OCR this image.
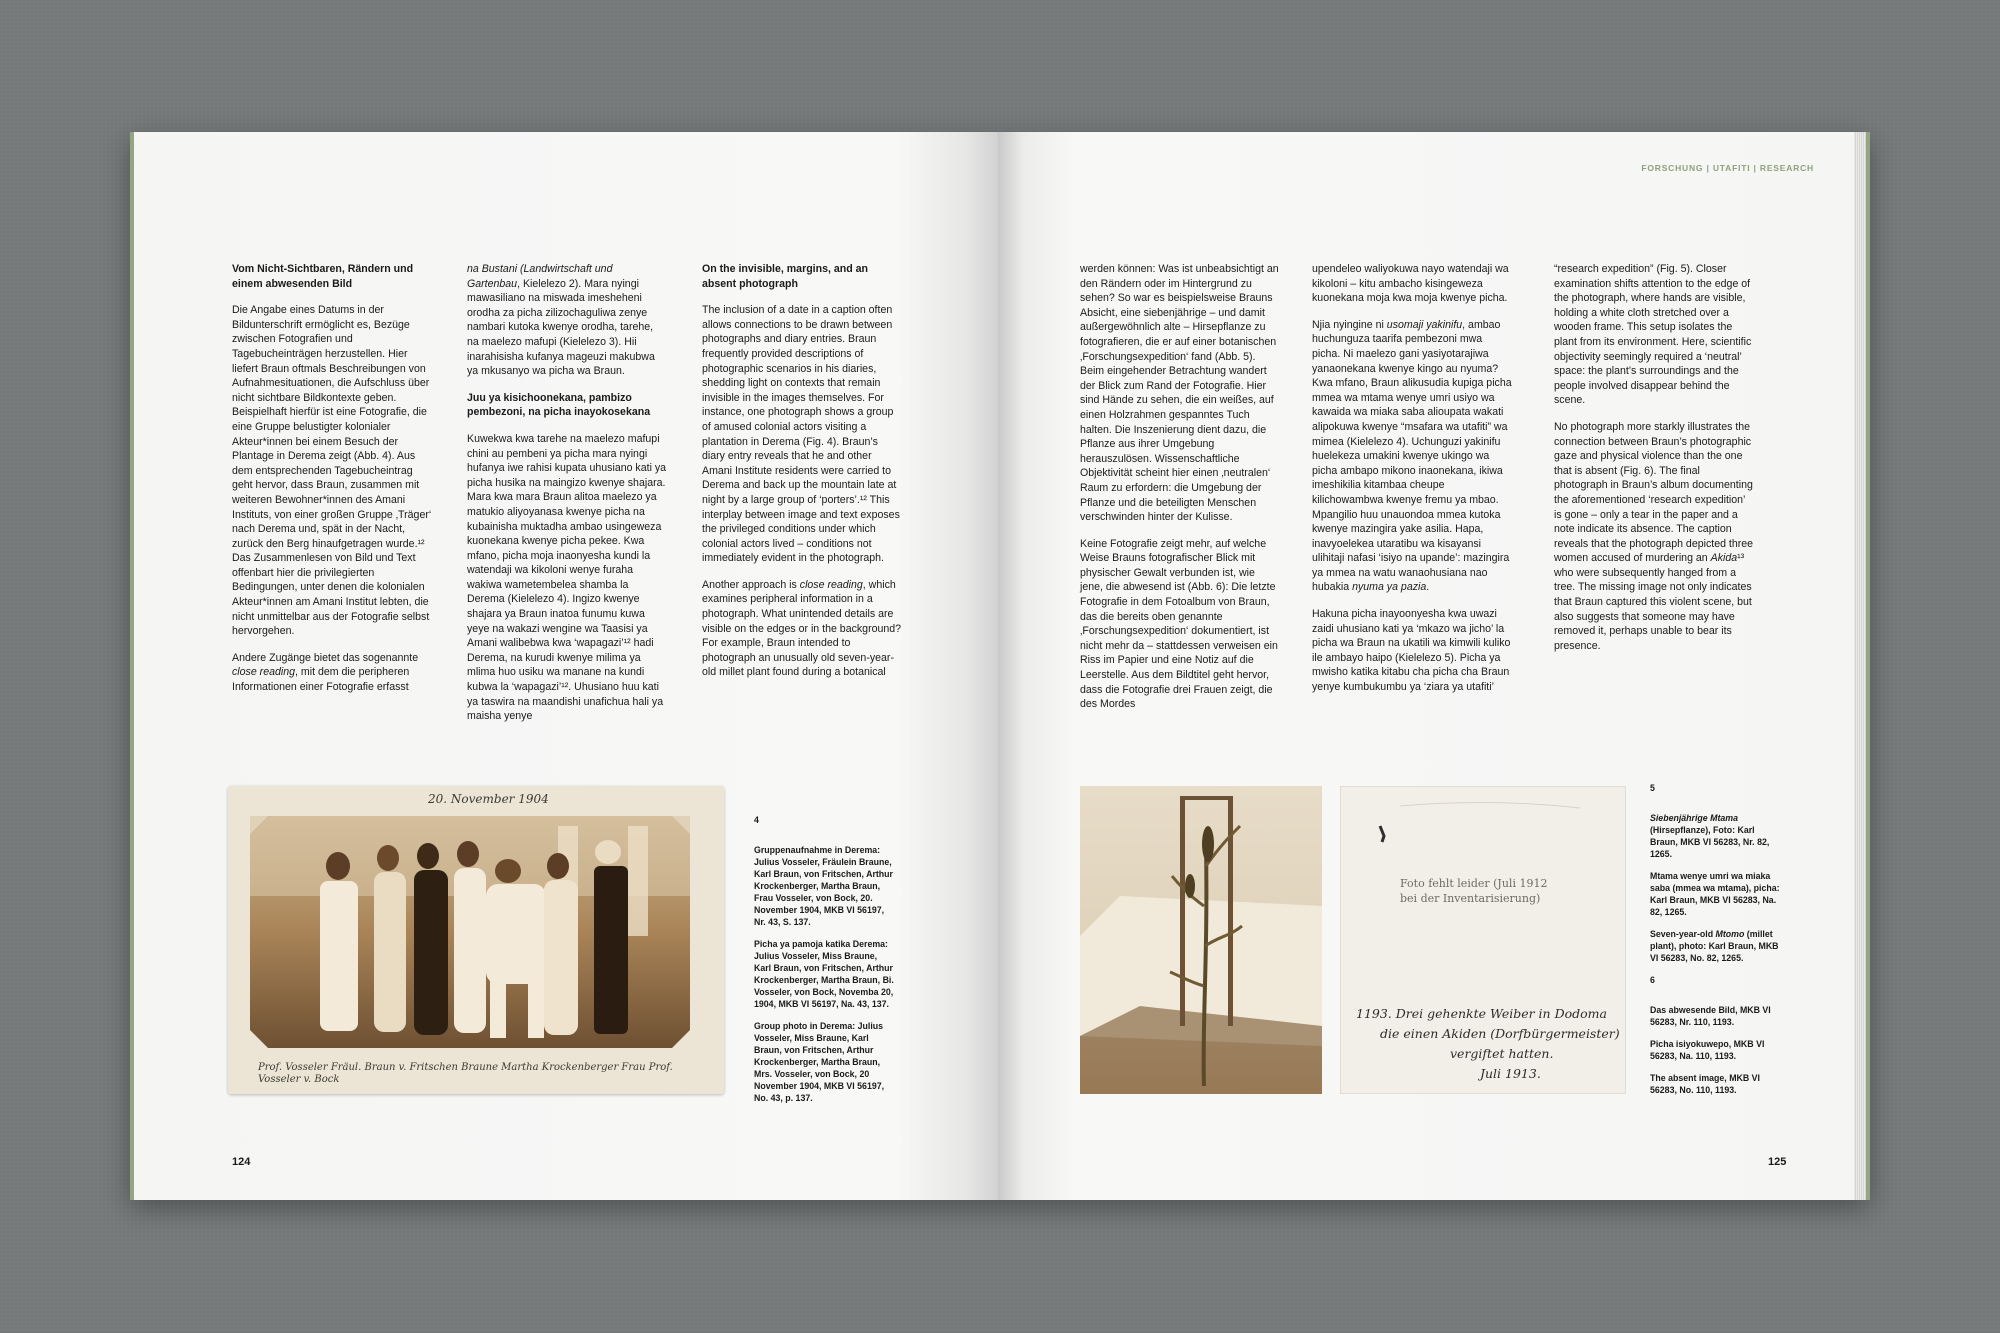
Vom Nicht-Sichtbaren, Rändern und einem abwesenden Bild

Die Angabe eines Datums in der Bildunterschrift ermöglicht es, Bezüge zwischen Fotografien und Tagebucheinträgen herzustellen. Hier liefert Braun oftmals Beschreibungen von Aufnahmesituationen, die Aufschluss über nicht sichtbare Bildkontexte geben. Beispielhaft hierfür ist eine Fotografie, die eine Gruppe belustigter kolonialer Akteur*innen bei einem Besuch der Plantage in Derema zeigt (Abb. 4). Aus dem entsprechenden Tagebucheintrag geht hervor, dass Braun, zusammen mit weiteren Bewohner*innen des Amani Instituts, von einer großen Gruppe ‚Träger‘ nach Derema und, spät in der Nacht, zurück den Berg hinaufgetragen wurde.¹² Das Zusammenlesen von Bild und Text offenbart hier die privilegierten Bedingungen, unter denen die kolonialen Akteur*innen am Amani Institut lebten, die nicht unmittelbar aus der Fotografie selbst hervorgehen.

Andere Zugänge bietet das sogenannte close reading, mit dem die peripheren Informationen einer Fotografie erfasst

na Bustani (Landwirtschaft und Gartenbau, Kielelezo 2). Mara nyingi mawasiliano na miswada imesheheni orodha za picha zilizochaguliwa zenye nambari kutoka kwenye orodha, tarehe, na maelezo mafupi (Kielelezo 3). Hii inarahisisha kufanya mageuzi makubwa ya mkusanyo wa picha wa Braun.

Juu ya kisichoonekana, pambizo pembezoni, na picha inayokosekana

Kuwekwa kwa tarehe na maelezo mafupi chini au pembeni ya picha mara nyingi hufanya iwe rahisi kupata uhusiano kati ya picha husika na maingizo kwenye shajara. Mara kwa mara Braun alitoa maelezo ya matukio aliyoyanasa kwenye picha na kubainisha muktadha ambao usingeweza kuonekana kwenye picha pekee. Kwa mfano, picha moja inaonyesha kundi la watendaji wa kikoloni wenye furaha wakiwa wametembelea shamba la Derema (Kielelezo 4). Ingizo kwenye shajara ya Braun inatoa funumu kuwa yeye na wakazi wengine wa Taasisi ya Amani walibebwa kwa ‘wapagazi’¹² hadi Derema, na kurudi kwenye milima ya mlima huo usiku wa manane na kundi kubwa la ‘wapagazi’¹². Uhusiano huu kati ya taswira na maandishi unafichua hali ya maisha yenye

On the invisible, margins, and an absent photograph

The inclusion of a date in a caption often allows connections to be drawn between photographs and diary entries. Braun frequently provided descriptions of photographic scenarios in his diaries, shedding light on contexts that remain invisible in the images themselves. For instance, one photograph shows a group of amused colonial actors visiting a plantation in Derema (Fig. 4). Braun’s diary entry reveals that he and other Amani Institute residents were carried to Derema and back up the mountain late at night by a large group of ‘porters’.¹² This interplay between image and text exposes the privileged conditions under which colonial actors lived – conditions not immediately evident in the photograph.

Another approach is close reading, which examines peripheral information in a photograph. What unintended details are visible on the edges or in the background? For example, Braun intended to photograph an unusually old seven-year-old millet plant found during a botanical

20. November 1904
Prof. Vosseler Fräul. Braun v. Fritschen Braune Martha Krockenberger Frau Prof. Vosseler v. Bock

4

Gruppenaufnahme in Derema: Julius Vosseler, Fräulein Braune, Karl Braun, von Fritschen, Arthur Krockenberger, Martha Braun, Frau Vosseler, von Bock, 20. November 1904, MKB VI 56197, Nr. 43, S. 137.

Picha ya pamoja katika Derema: Julius Vosseler, Miss Braune, Karl Braun, von Fritschen, Arthur Krockenberger, Martha Braun, Bi. Vosseler, von Bock, Novemba 20, 1904, MKB VI 56197, Na. 43, 137.

Group photo in Derema: Julius Vosseler, Miss Braune, Karl Braun, von Fritschen, Arthur Krockenberger, Martha Braun, Mrs. Vosseler, von Bock, 20 November 1904, MKB VI 56197, No. 43, p. 137.

124
FORSCHUNG | UTAFITI | RESEARCH

werden können: Was ist unbeabsichtigt an den Rändern oder im Hintergrund zu sehen? So war es beispielsweise Brauns Absicht, eine siebenjährige – und damit außergewöhnlich alte – Hirsepflanze zu fotografieren, die er auf einer botanischen ‚Forschungsexpedition‘ fand (Abb. 5). Beim eingehender Betrachtung wandert der Blick zum Rand der Fotografie. Hier sind Hände zu sehen, die ein weißes, auf einen Holzrahmen gespanntes Tuch halten. Die Inszenierung dient dazu, die Pflanze aus ihrer Umgebung herauszulösen. Wissenschaftliche Objektivität scheint hier einen ‚neutralen‘ Raum zu erfordern: die Umgebung der Pflanze und die beteiligten Menschen verschwinden hinter der Kulisse.

Keine Fotografie zeigt mehr, auf welche Weise Brauns fotografischer Blick mit physischer Gewalt verbunden ist, wie jene, die abwesend ist (Abb. 6): Die letzte Fotografie in dem Fotoalbum von Braun, das die bereits oben genannte ‚Forschungsexpedition‘ dokumentiert, ist nicht mehr da – stattdessen verweisen ein Riss im Papier und eine Notiz auf die Leerstelle. Aus dem Bildtitel geht hervor, dass die Fotografie drei Frauen zeigt, die des Mordes

upendeleo waliyokuwa nayo watendaji wa kikoloni – kitu ambacho kisingeweza kuonekana moja kwa moja kwenye picha.

Njia nyingine ni usomaji yakinifu, ambao huchunguza taarifa pembezoni mwa picha. Ni maelezo gani yasiyotarajiwa yanaonekana kwenye kingo au nyuma? Kwa mfano, Braun alikusudia kupiga picha mmea wa mtama wenye umri usiyo wa kawaida wa miaka saba alioupata wakati alipokuwa kwenye “msafara wa utafiti” wa mimea (Kielelezo 4). Uchunguzi yakinifu huelekeza umakini kwenye ukingo wa picha ambapo mikono inaonekana, ikiwa imeshikilia kitambaa cheupe kilichowambwa kwenye fremu ya mbao. Mpangilio huu unauondoa mmea kutoka kwenye mazingira yake asilia. Hapa, inavyoelekea utaratibu wa kisayansi ulihitaji nafasi ‘isiyo na upande’: mazingira ya mmea na watu wanaohusiana nao hubakia nyuma ya pazia.

Hakuna picha inayoonyesha kwa uwazi zaidi uhusiano kati ya ‘mkazo wa jicho’ la picha wa Braun na ukatili wa kimwili kuliko ile ambayo haipo (Kielelezo 5). Picha ya mwisho katika kitabu cha picha cha Braun yenye kumbukumbu ya ‘ziara ya utafiti’

“research expedition” (Fig. 5). Closer examination shifts attention to the edge of the photograph, where hands are visible, holding a white cloth stretched over a wooden frame. This setup isolates the plant from its environment. Here, scientific objectivity seemingly required a ‘neutral’ space: the plant’s surroundings and the people involved disappear behind the scene.

No photograph more starkly illustrates the connection between Braun’s photographic gaze and physical violence than the one that is absent (Fig. 6). The final photograph in Braun’s album documenting the aforementioned ‘research expedition’ is gone – only a tear in the paper and a note indicate its absence. The caption reveals that the photograph depicted three women accused of murdering an Akida¹³ who were subsequently hanged from a tree. The missing image not only indicates that Braun captured this violent scene, but also suggests that someone may have removed it, perhaps unable to bear its presence.

Foto fehlt leider (Juli 1912 bei der Inventarisierung)
1193. Drei gehenkte Weiber in Dodoma
die einen Akiden (Dorfbürgermeister)
vergiftet hatten.
Juli 1913.

5

Siebenjährige Mtama (Hirsepflanze), Foto: Karl Braun, MKB VI 56283, Nr. 82, 1265.

Mtama wenye umri wa miaka saba (mmea wa mtama), picha: Karl Braun, MKB VI 56283, Na. 82, 1265.

Seven-year-old Mtomo (millet plant), photo: Karl Braun, MKB VI 56283, No. 82, 1265.

6

Das abwesende Bild, MKB VI 56283, Nr. 110, 1193.

Picha isiyokuwepo, MKB VI 56283, Na. 110, 1193.

The absent image, MKB VI 56283, No. 110, 1193.

125
